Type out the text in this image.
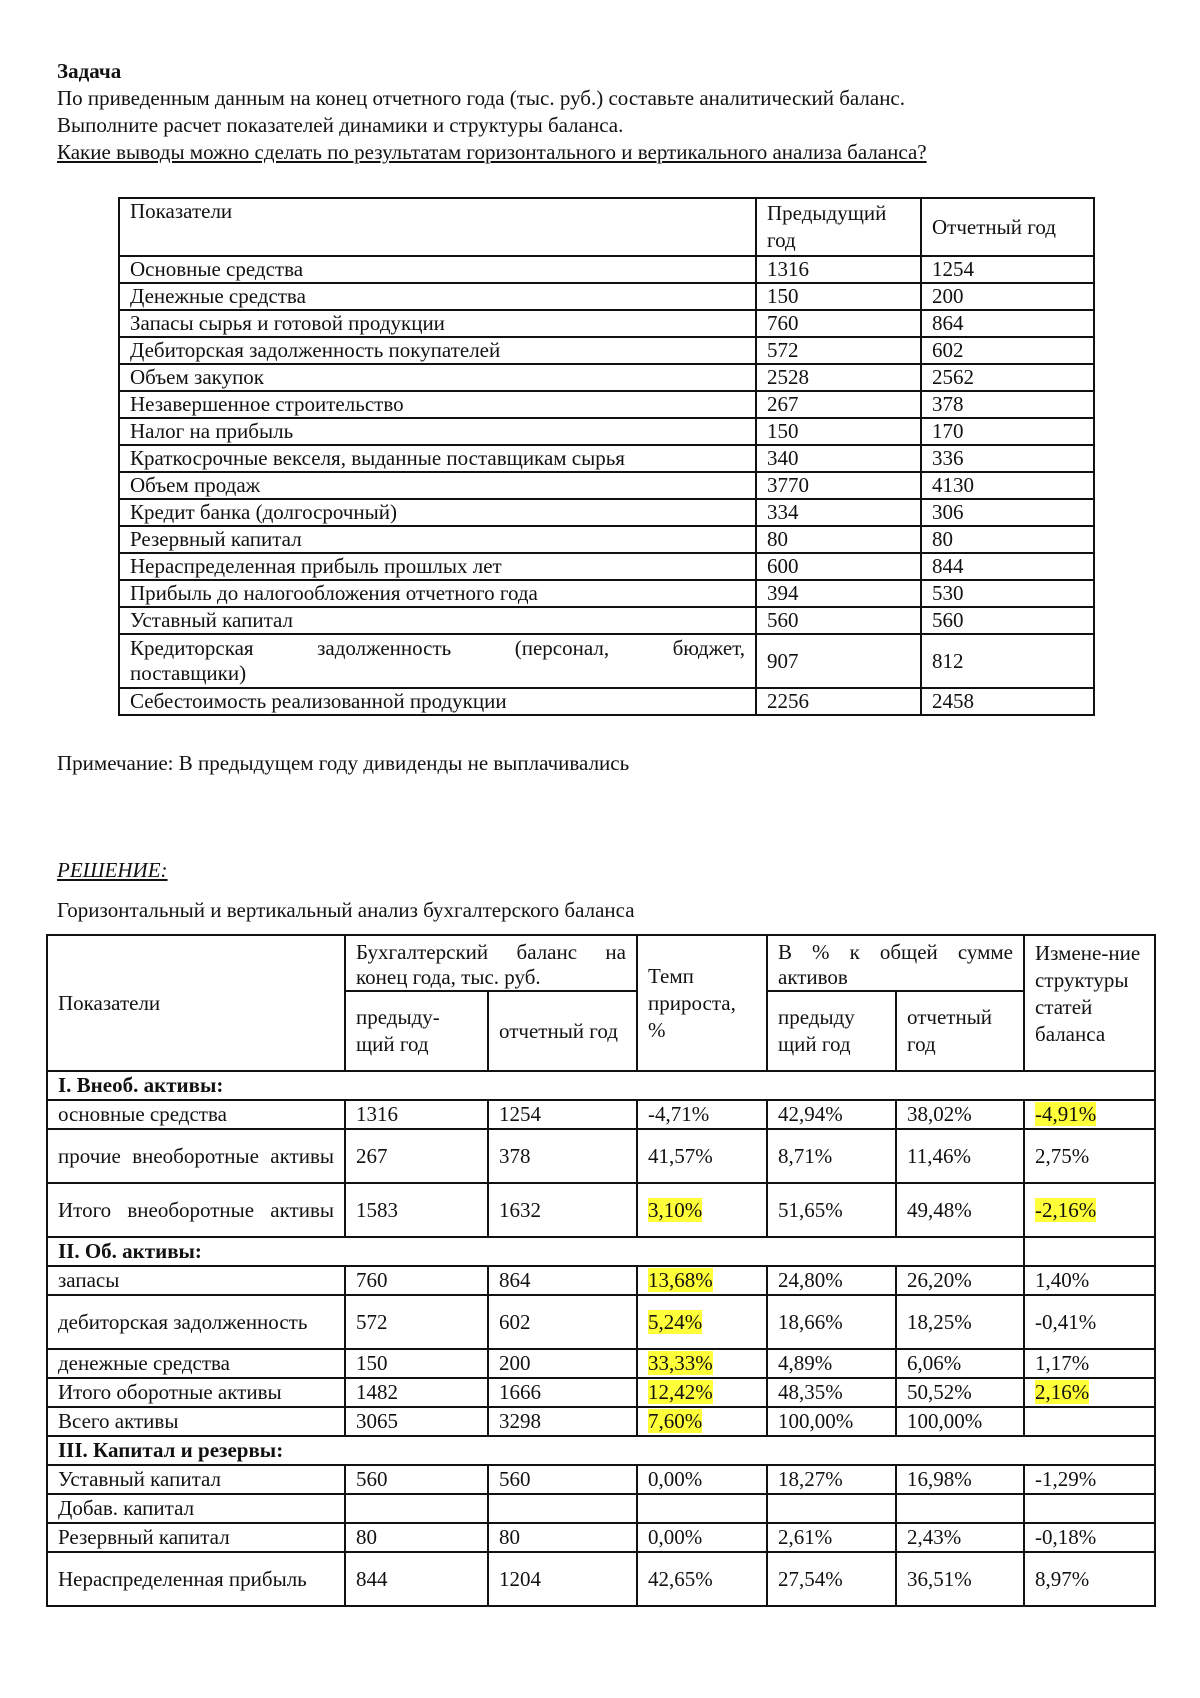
Задача
По приведенным данным на конец отчетного года (тыс. руб.) составьте аналитический баланс.
Выполните расчет показателей динамики и структуры баланса.
Какие выводы можно сделать по результатам горизонтального и вертикального анализа баланса?
Показатели	Предыдущий год	Отчетный год
Основные средства	1316	1254
Денежные средства	150	200
Запасы сырья и готовой продукции	760	864
Дебиторская задолженность покупателей	572	602
Объем закупок	2528	2562
Незавершенное строительство	267	378
Налог на прибыль	150	170
Краткосрочные векселя, выданные поставщикам сырья	340	336
Объем продаж	3770	4130
Кредит банка (долгосрочный)	334	306
Резервный капитал	80	80
Нераспределенная прибыль прошлых лет	600	844
Прибыль до налогообложения отчетного года	394	530
Уставный капитал	560	560

Кредиторская задолженность (персонал, бюджет,
поставщики)	907	812
Себестоимость реализованной продукции	2256	2458
Примечание: В предыдущем году дивиденды не выплачивались
РЕШЕНИЕ:
Горизонтальный и вертикальный анализ бухгалтерского баланса
Показатели	Бухгалтерский баланс на конец года, тыс. руб.		Темп прироста, %	В % к общей сумме активов		Измене-ние структуры статей баланса
	предыду-щий год	отчетный год		предыду щий год	отчетный год	
I. Внеоб. активы:						
основные средства	1316	1254	-4,71%	42,94%	38,02%	-4,91%
прочие внеоборотные активы	267	378	41,57%	8,71%	11,46%	2,75%
Итого внеоборотные активы	1583	1632	3,10%	51,65%	49,48%	-2,16%
II. Об. активы:						
запасы	760	864	13,68%	24,80%	26,20%	1,40%
дебиторская задолженность	572	602	5,24%	18,66%	18,25%	-0,41%
денежные средства	150	200	33,33%	4,89%	6,06%	1,17%
Итого оборотные активы	1482	1666	12,42%	48,35%	50,52%	2,16%
Всего активы	3065	3298	7,60%	100,00%	100,00%	
III. Капитал и резервы:						
Уставный капитал	560	560	0,00%	18,27%	16,98%	-1,29%
Добав. капитал						
Резервный капитал	80	80	0,00%	2,61%	2,43%	-0,18%
Нераспределенная прибыль	844	1204	42,65%	27,54%	36,51%	8,97%
